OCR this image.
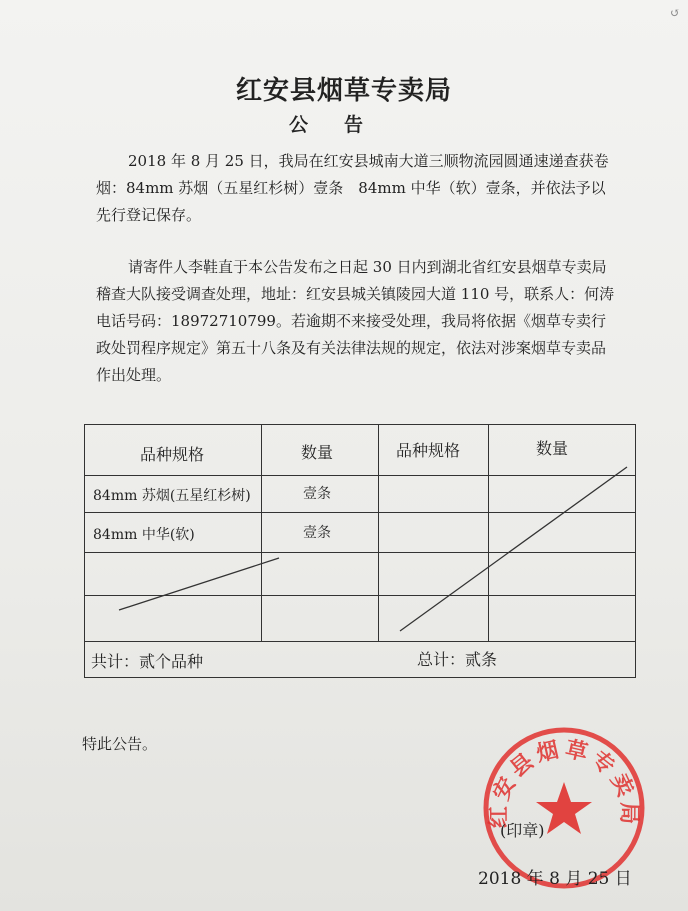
↺
红安县烟草专卖局
公告
2018 年 8 月 25 日，我局在红安县城南大道三顺物流园圆通速递查获卷烟：84mm 苏烟（五星红杉树）壹条　84mm 中华（软）壹条，并依法予以先行登记保存。
请寄件人李鞋直于本公告发布之日起 30 日内到湖北省红安县烟草专卖局稽查大队接受调查处理，地址：红安县城关镇陵园大道 110 号，联系人：何涛　电话号码：18972710799。若逾期不来接受处理，我局将依据《烟草专卖行政处罚程序规定》第五十八条及有关法律法规的规定，依法对涉案烟草专卖品作出处理。
品种规格	数量	品种规格	数量
84mm 苏烟(五星红杉树)	壹条
84mm 中华(软)	壹条
共计：贰个品种	总计：贰条
特此公告。
红安县烟草专卖局
(印章)
2018 年 8 月 25 日
